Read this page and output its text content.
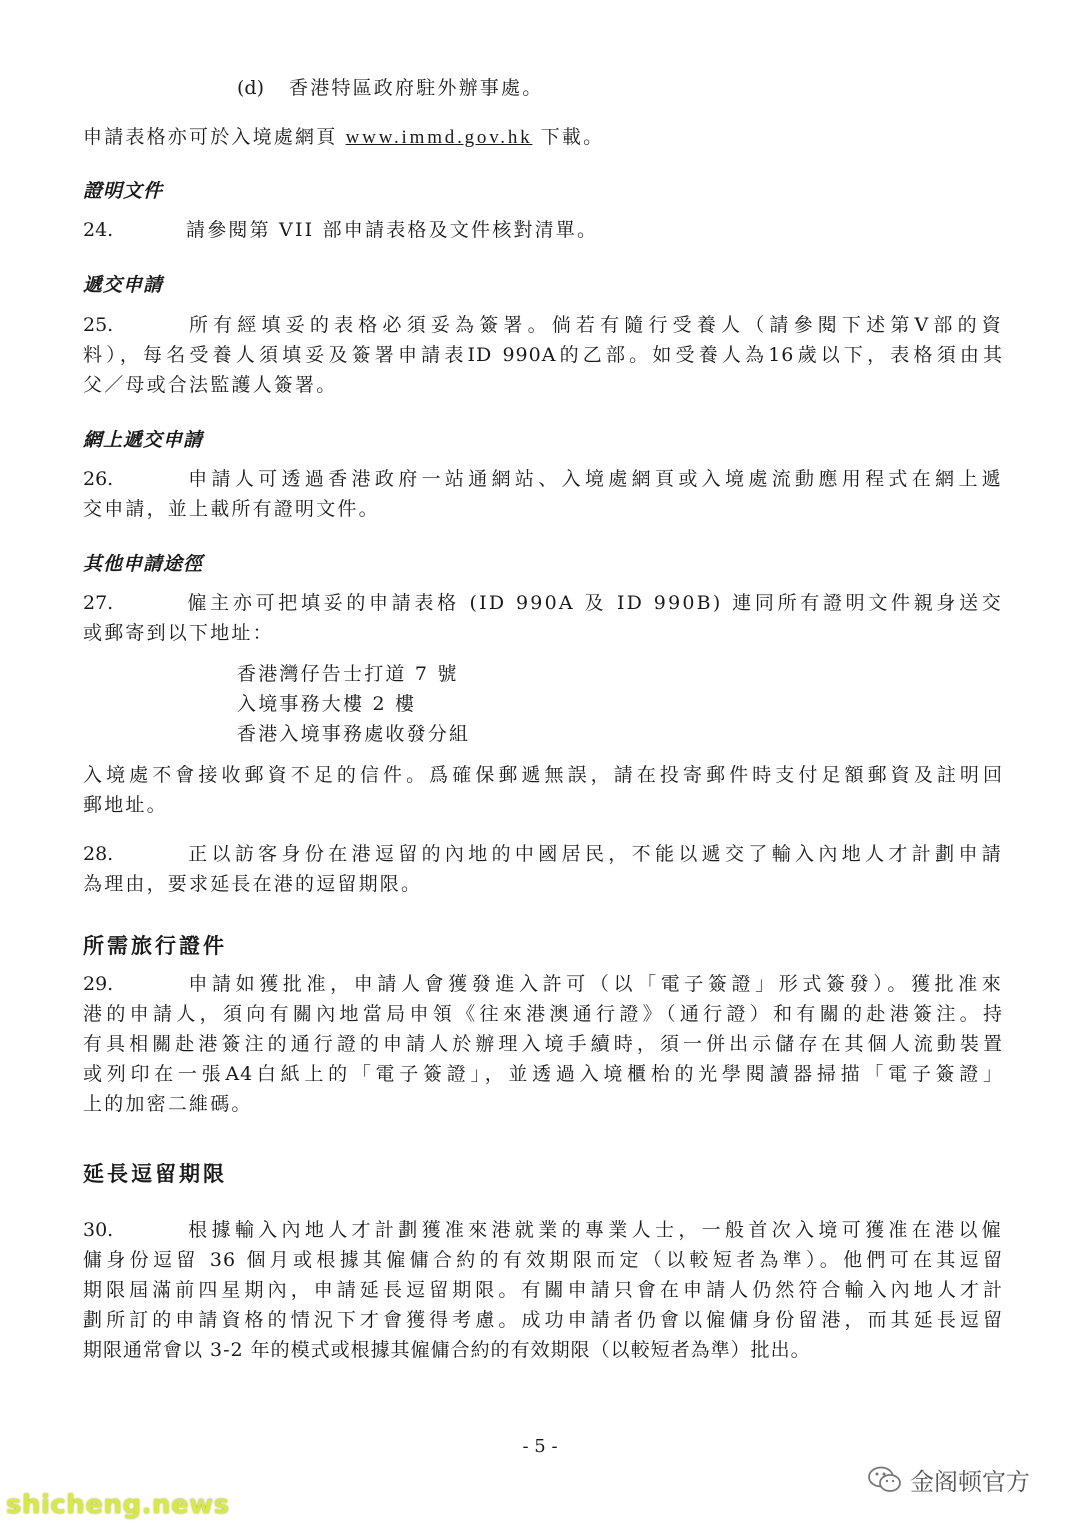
(d) 香港特區政府駐外辦事處。
申請表格亦可於入境處網頁 www.immd.gov.hk 下載。
證明文件
24.	請參閱第 VII 部申請表格及文件核對清單。
遞交申請
25.	所有經填妥的表格必須妥為簽署。倘若有隨行受養人（請參閱下述第V部的資
料），每名受養人須填妥及簽署申請表ID 990A的乙部。如受養人為16歲以下，表格須由其
父／母或合法監護人簽署。
網上遞交申請
26.	申請人可透過香港政府一站通網站、入境處網頁或入境處流動應用程式在網上遞
交申請，並上載所有證明文件。
其他申請途徑
27.	僱主亦可把填妥的申請表格 (ID 990A 及 ID 990B) 連同所有證明文件親身送交
或郵寄到以下地址：
香港灣仔告士打道 7 號
入境事務大樓 2 樓
香港入境事務處收發分組
入境處不會接收郵資不足的信件。爲確保郵遞無誤，請在投寄郵件時支付足額郵資及註明回
郵地址。
28.	正以訪客身份在港逗留的內地的中國居民，不能以遞交了輸入內地人才計劃申請
為理由，要求延長在港的逗留期限。
所需旅行證件
29.	申請如獲批准，申請人會獲發進入許可（以「電子簽證」形式簽發）。獲批准來
港的申請人，須向有關內地當局申領《往來港澳通行證》（通行證）和有關的赴港簽注。持
有具相關赴港簽注的通行證的申請人於辦理入境手續時，須一併出示儲存在其個人流動裝置
或列印在一張A4白紙上的「電子簽證」，並透過入境櫃枱的光學閱讀器掃描「電子簽證」
上的加密二維碼。
延長逗留期限
30.	根據輸入內地人才計劃獲准來港就業的專業人士，一般首次入境可獲准在港以僱
傭身份逗留 36 個月或根據其僱傭合約的有效期限而定（以較短者為準）。他們可在其逗留
期限屆滿前四星期內，申請延長逗留期限。有關申請只會在申請人仍然符合輸入內地人才計
劃所訂的申請資格的情況下才會獲得考慮。成功申請者仍會以僱傭身份留港，而其延長逗留
期限通常會以 3-2 年的模式或根據其僱傭合約的有效期限（以較短者為準）批出。
- 5 -
金阁顿官方
shicheng.news
